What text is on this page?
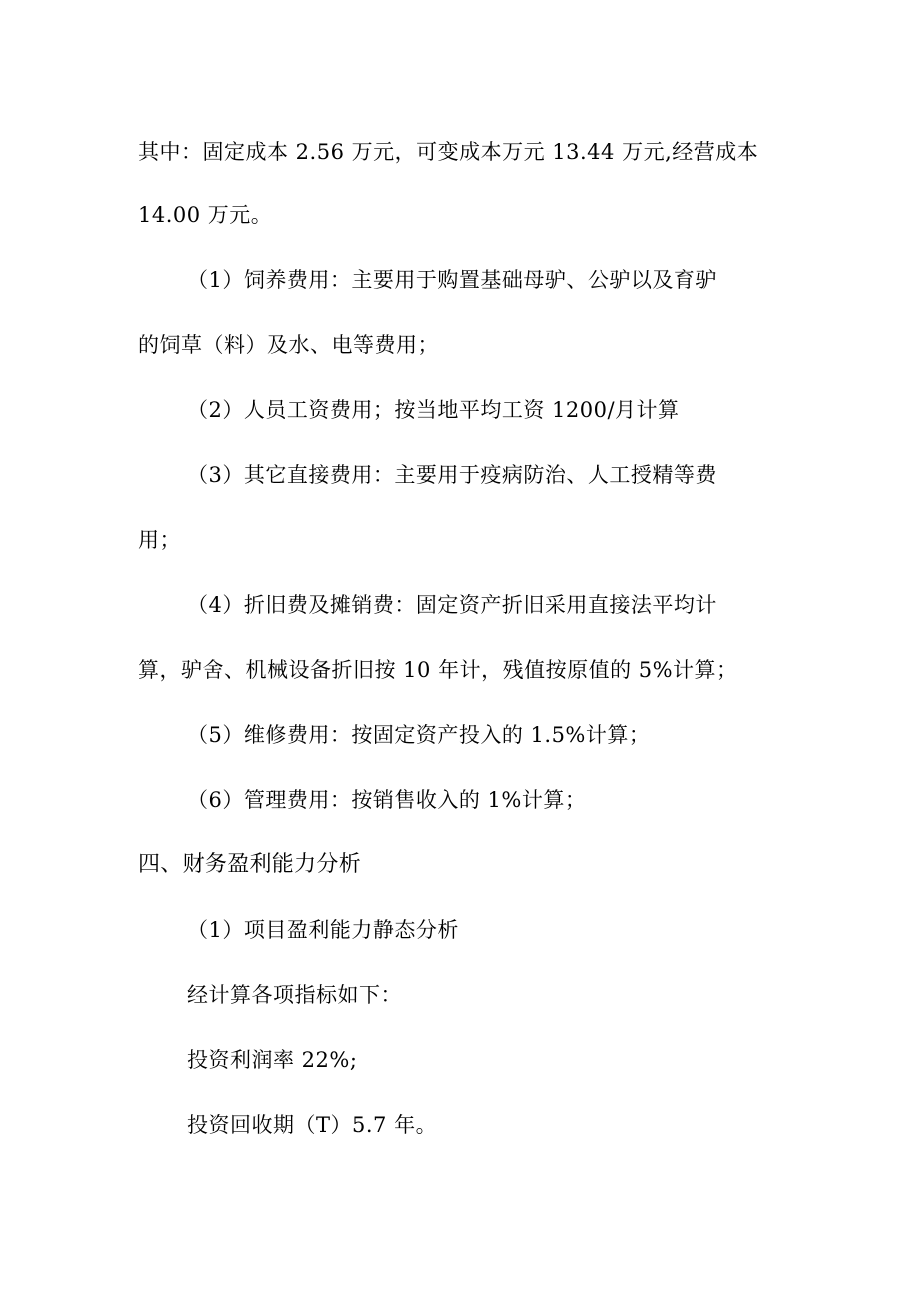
其中：固定成本 2.56 万元，可变成本万元 13.44 万元,经营成本
14.00 万元。
（1）饲养费用：主要用于购置基础母驴、公驴以及育驴
的饲草（料）及水、电等费用；
（2）人员工资费用；按当地平均工资 1200/月计算
（3）其它直接费用：主要用于疫病防治、人工授精等费
用；
（4）折旧费及摊销费：固定资产折旧采用直接法平均计
算，驴舍、机械设备折旧按 10 年计，残值按原值的 5%计算；
（5）维修费用：按固定资产投入的 1.5%计算；
（6）管理费用：按销售收入的 1%计算；
四、财务盈利能力分析
（1）项目盈利能力静态分析
经计算各项指标如下：
投资利润率 22%;
投资回收期（T）5.7 年。
